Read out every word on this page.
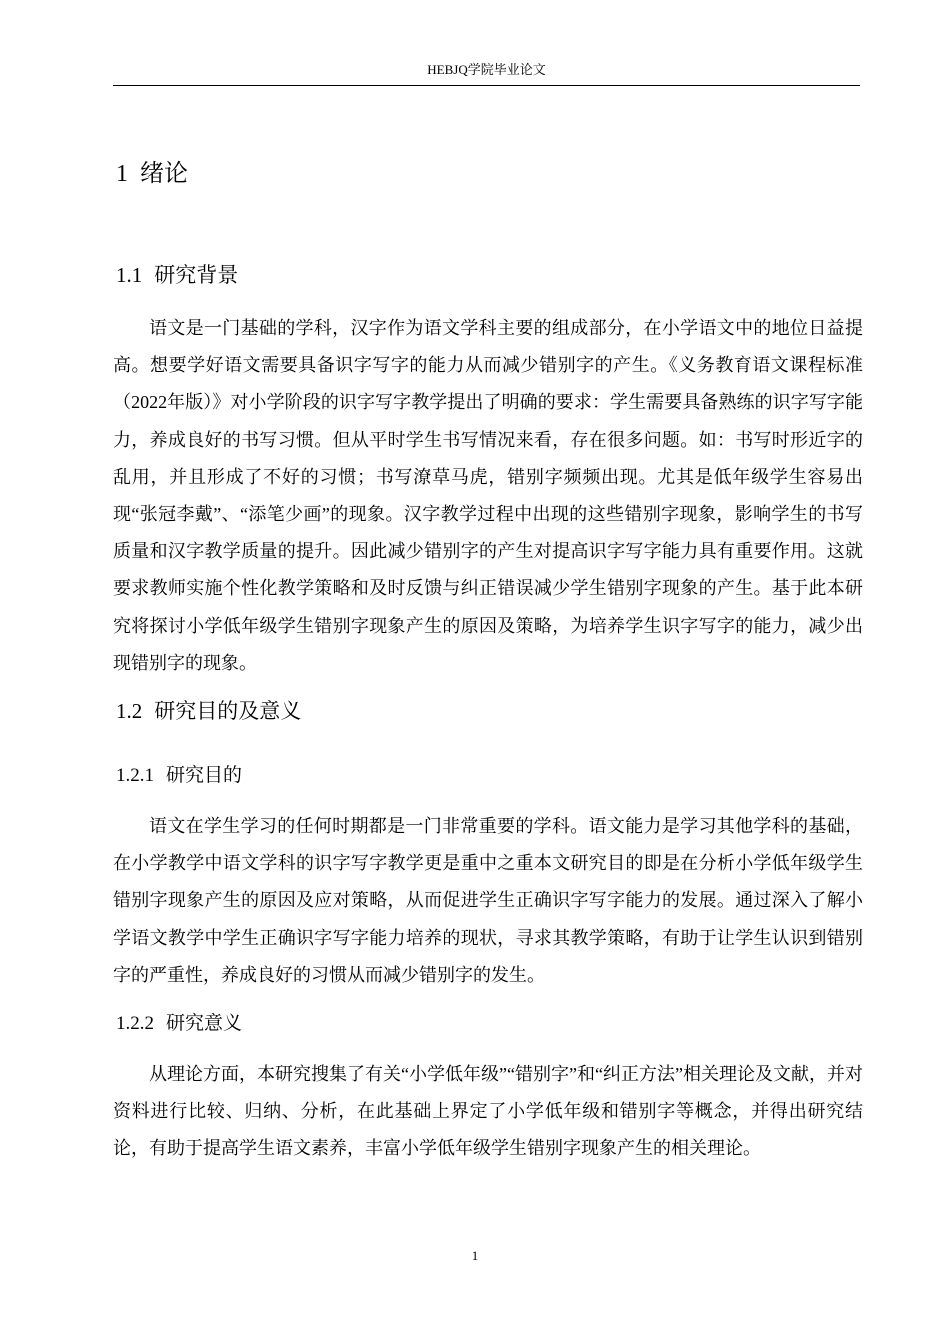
HEBJQ学院毕业论文
1 绪论
1.1 研究背景

语文是一门基础的学科，汉字作为语文学科主要的组成部分，在小学语文中的地位日益提高。想要学好语文需要具备识字写字的能力从而减少错别字的产生。《义务教育语文课程标准（2022年版）》对小学阶段的识字写字教学提出了明确的要求：学生需要具备熟练的识字写字能力，养成良好的书写习惯。但从平时学生书写情况来看，存在很多问题。如：书写时形近字的乱用，并且形成了不好的习惯；书写潦草马虎，错别字频频出现。尤其是低年级学生容易出现“张冠李戴”、“添笔少画”的现象。汉字教学过程中出现的这些错别字现象，影响学生的书写质量和汉字教学质量的提升。因此减少错别字的产生对提高识字写字能力具有重要作用。这就要求教师实施个性化教学策略和及时反馈与纠正错误减少学生错别字现象的产生。基于此本研究将探讨小学低年级学生错别字现象产生的原因及策略，为培养学生识字写字的能力，减少出现错别字的现象。

1.2 研究目的及意义
1.2.1 研究目的

语文在学生学习的任何时期都是一门非常重要的学科。语文能力是学习其他学科的基础，在小学教学中语文学科的识字写字教学更是重中之重本文研究目的即是在分析小学低年级学生错别字现象产生的原因及应对策略，从而促进学生正确识字写字能力的发展。通过深入了解小学语文教学中学生正确识字写字能力培养的现状，寻求其教学策略，有助于让学生认识到错别字的严重性，养成良好的习惯从而减少错别字的发生。

1.2.2 研究意义

从理论方面，本研究搜集了有关“小学低年级”“错别字”和“纠正方法”相关理论及文献，并对资料进行比较、归纳、分析，在此基础上界定了小学低年级和错别字等概念，并得出研究结论，有助于提高学生语文素养，丰富小学低年级学生错别字现象产生的相关理论。

1
